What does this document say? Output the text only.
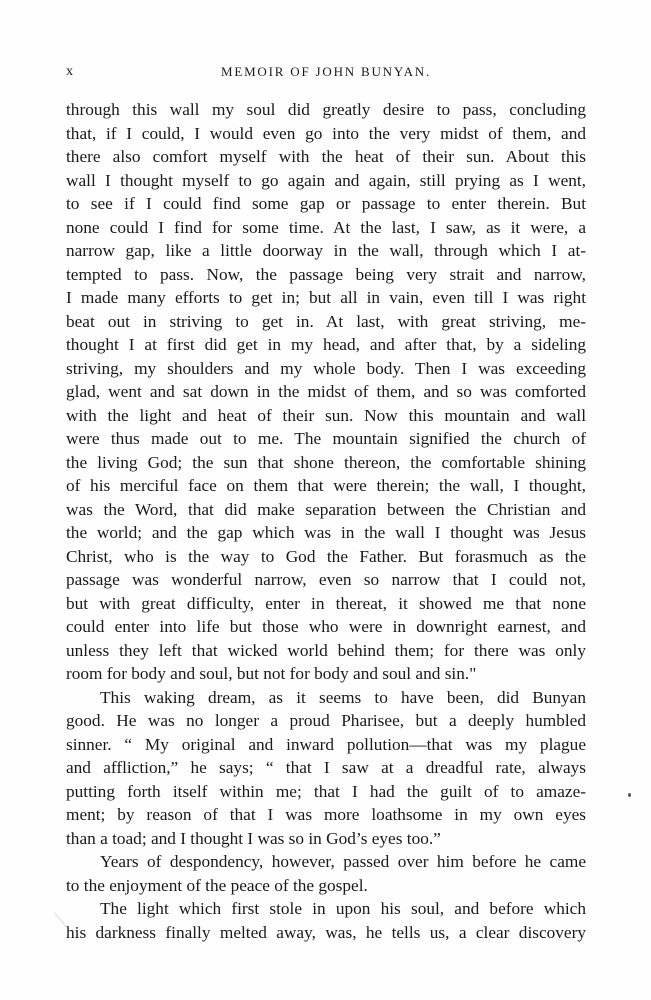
x	MEMOIR OF JOHN BUNYAN.
through this wall my soul did greatly desire to pass, concluding
that, if I could, I would even go into the very midst of them, and
there also comfort myself with the heat of their sun. About this
wall I thought myself to go again and again, still prying as I went,
to see if I could find some gap or passage to enter therein. But
none could I find for some time. At the last, I saw, as it were, a
narrow gap, like a little doorway in the wall, through which I at-
tempted to pass. Now, the passage being very strait and narrow,
I made many efforts to get in; but all in vain, even till I was right
beat out in striving to get in. At last, with great striving, me-
thought I at first did get in my head, and after that, by a sideling
striving, my shoulders and my whole body. Then I was exceeding
glad, went and sat down in the midst of them, and so was comforted
with the light and heat of their sun. Now this mountain and wall
were thus made out to me. The mountain signified the church of
the living God; the sun that shone thereon, the comfortable shining
of his merciful face on them that were therein; the wall, I thought,
was the Word, that did make separation between the Christian and
the world; and the gap which was in the wall I thought was Jesus
Christ, who is the way to God the Father. But forasmuch as the
passage was wonderful narrow, even so narrow that I could not,
but with great difficulty, enter in thereat, it showed me that none
could enter into life but those who were in downright earnest, and
unless they left that wicked world behind them; for there was only
room for body and soul, but not for body and soul and sin."
This waking dream, as it seems to have been, did Bunyan
good. He was no longer a proud Pharisee, but a deeply humbled
sinner. “ My original and inward pollution—that was my plague
and affliction,” he says; “ that I saw at a dreadful rate, always
putting forth itself within me; that I had the guilt of to amaze-
ment; by reason of that I was more loathsome in my own eyes
than a toad; and I thought I was so in God’s eyes too.”
Years of despondency, however, passed over him before he came
to the enjoyment of the peace of the gospel.
The light which first stole in upon his soul, and before which
his darkness finally melted away, was, he tells us, a clear discovery
